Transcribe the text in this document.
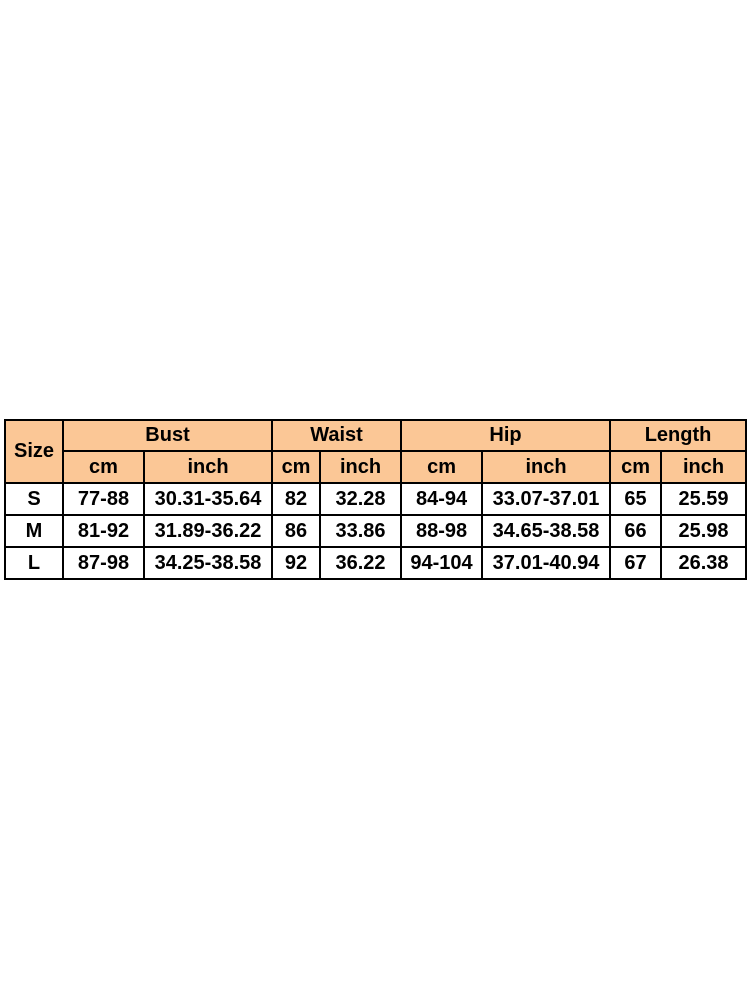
Size	Bust		Waist		Hip		Length	
	cm	inch	cm	inch	cm	inch	cm	inch
S	77-88	30.31-35.64	82	32.28	84-94	33.07-37.01	65	25.59
M	81-92	31.89-36.22	86	33.86	88-98	34.65-38.58	66	25.98
L	87-98	34.25-38.58	92	36.22	94-104	37.01-40.94	67	26.38
